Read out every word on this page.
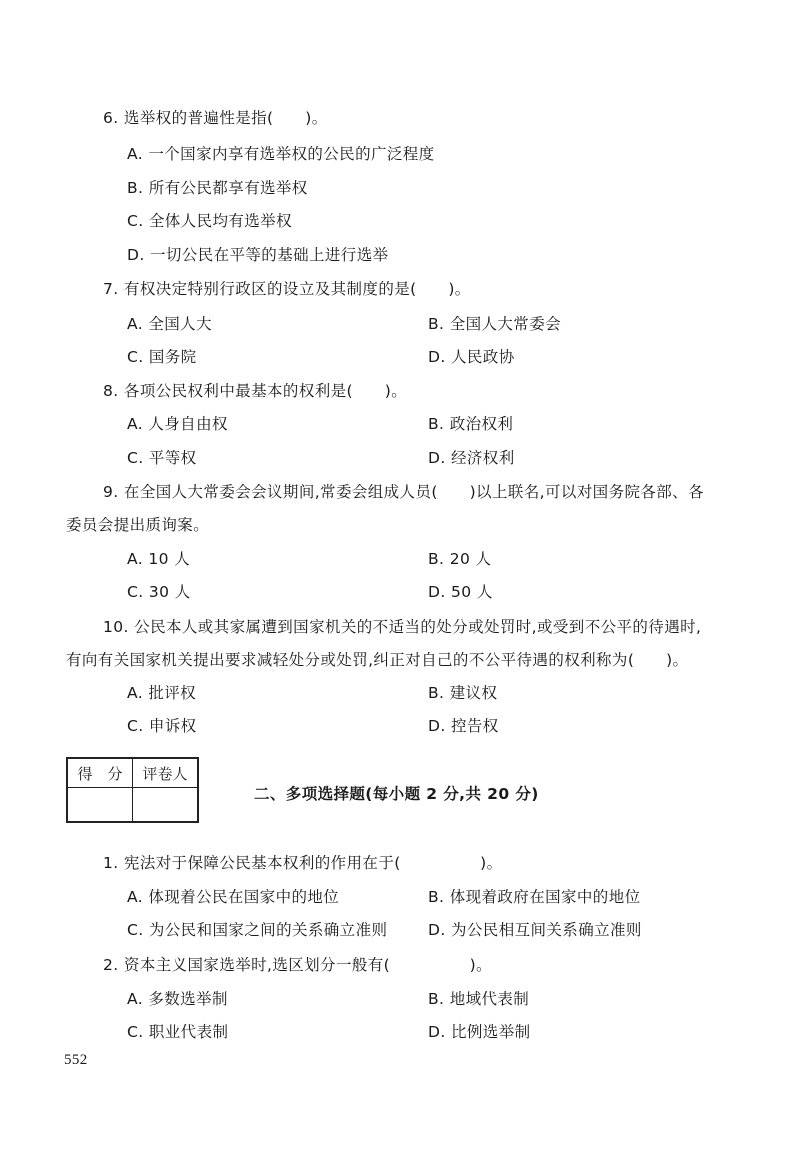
6. 选举权的普遍性是指(　　)。
A. 一个国家内享有选举权的公民的广泛程度
B. 所有公民都享有选举权
C. 全体人民均有选举权
D. 一切公民在平等的基础上进行选举
7. 有权决定特别行政区的设立及其制度的是(　　)。
A. 全国人大	B. 全国人大常委会
C. 国务院	D. 人民政协
8. 各项公民权利中最基本的权利是(　　)。
A. 人身自由权	B. 政治权利
C. 平等权	D. 经济权利
9. 在全国人大常委会会议期间,常委会组成人员(　　)以上联名,可以对国务院各部、各
委员会提出质询案。
A. 10 人	B. 20 人
C. 30 人	D. 50 人
10. 公民本人或其家属遭到国家机关的不适当的处分或处罚时,或受到不公平的待遇时,
有向有关国家机关提出要求减轻处分或处罚,纠正对自己的不公平待遇的权利称为(　　)。
A. 批评权	B. 建议权
C. 申诉权	D. 控告权
得　分	评卷人

二、多项选择题(每小题 2 分,共 20 分)
1. 宪法对于保障公民基本权利的作用在于(　　　　　)。
A. 体现着公民在国家中的地位	B. 体现着政府在国家中的地位
C. 为公民和国家之间的关系确立准则	D. 为公民相互间关系确立准则
2. 资本主义国家选举时,选区划分一般有(　　　　　)。
A. 多数选举制	B. 地域代表制
C. 职业代表制	D. 比例选举制
552
